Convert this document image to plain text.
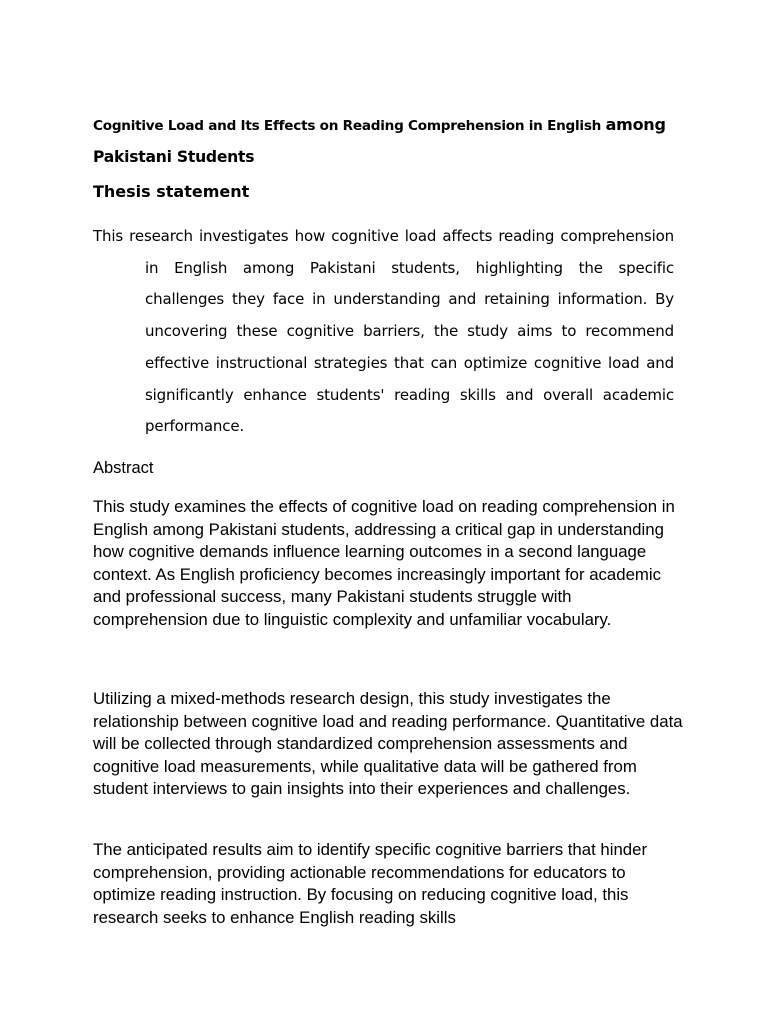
Cognitive Load and Its Effects on Reading Comprehension in English among
Pakistani Students
Thesis statement

This research investigates how cognitive load affects reading comprehension in English among Pakistani students, highlighting the specific challenges they face in understanding and retaining information. By uncovering these cognitive barriers, the study aims to recommend effective instructional strategies that can optimize cognitive load and significantly enhance students' reading skills and overall academic performance.

Abstract

This study examines the effects of cognitive load on reading comprehension in English among Pakistani students, addressing a critical gap in understanding how cognitive demands influence learning outcomes in a second language context. As English proficiency becomes increasingly important for academic and professional success, many Pakistani students struggle with comprehension due to linguistic complexity and unfamiliar vocabulary.

Utilizing a mixed-methods research design, this study investigates the relationship between cognitive load and reading performance. Quantitative data will be collected through standardized comprehension assessments and cognitive load measurements, while qualitative data will be gathered from student interviews to gain insights into their experiences and challenges.

The anticipated results aim to identify specific cognitive barriers that hinder comprehension, providing actionable recommendations for educators to optimize reading instruction. By focusing on reducing cognitive load, this research seeks to enhance English reading skills
